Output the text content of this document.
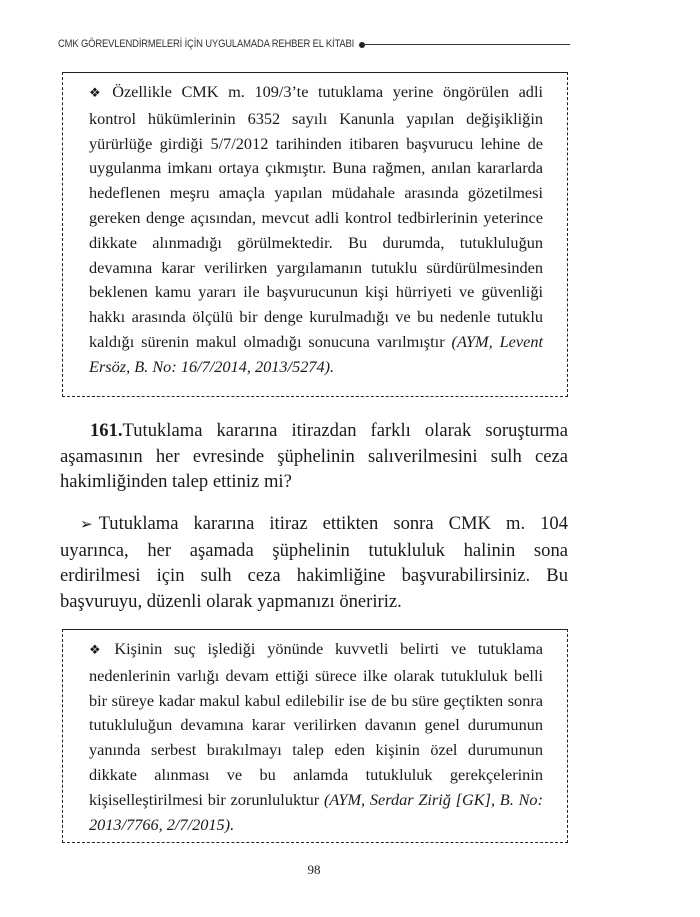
CMK GÖREVLENDİRMELERİ İÇİN UYGULAMADA REHBER EL KİTABI
❖ Özellikle CMK m. 109/3’te tutuklama yerine öngörülen adli kontrol hükümlerinin 6352 sayılı Kanunla yapılan değişikliğin yürürlüğe girdiği 5/7/2012 tarihinden itibaren başvurucu lehine de uygulanma imkanı ortaya çıkmıştır. Buna rağmen, anılan kararlarda hedeflenen meşru amaçla yapılan müdahale arasında gözetilmesi gereken denge açısından, mevcut adli kontrol tedbirlerinin yeterince dikkate alınmadığı görülmektedir. Bu durumda, tutukluluğun devamına karar verilirken yargılamanın tutuklu sürdürülmesinden beklenen kamu yararı ile başvurucunun kişi hürriyeti ve güvenliği hakkı arasında ölçülü bir denge kurulmadığı ve bu nedenle tutuklu kaldığı sürenin makul olmadığı sonucuna varılmıştır (AYM, Levent Ersöz, B. No: 16/7/2014, 2013/5274).
161.Tutuklama kararına itirazdan farklı olarak soruşturma aşamasının her evresinde şüphelinin salıverilmesini sulh ceza hakimliğinden talep ettiniz mi?
➢ Tutuklama kararına itiraz ettikten sonra CMK m. 104 uyarınca, her aşamada şüphelinin tutukluluk halinin sona erdirilmesi için sulh ceza hakimliğine başvurabilirsiniz. Bu başvuruyu, düzenli olarak yapmanızı öneririz.
❖ Kişinin suç işlediği yönünde kuvvetli belirti ve tutuklama nedenlerinin varlığı devam ettiği sürece ilke olarak tutukluluk belli bir süreye kadar makul kabul edilebilir ise de bu süre geçtikten sonra tutukluluğun devamına karar verilirken davanın genel durumunun yanında serbest bırakılmayı talep eden kişinin özel durumunun dikkate alınması ve bu anlamda tutukluluk gerekçelerinin kişiselleştirilmesi bir zorunluluktur (AYM, Serdar Ziriğ [GK], B. No: 2013/7766, 2/7/2015).
98
